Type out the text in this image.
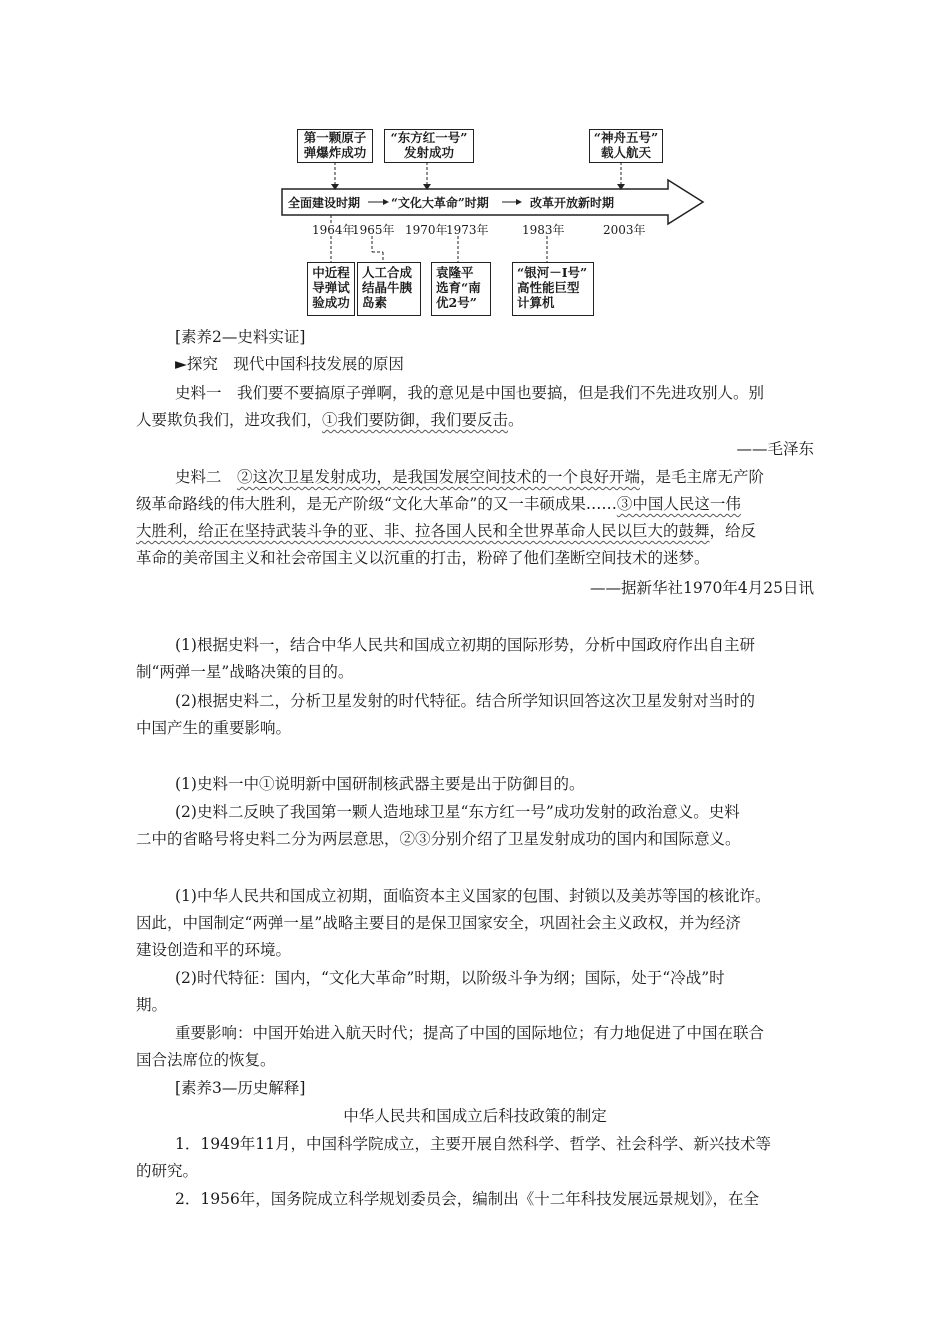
第一颗原子
弹爆炸成功
“东方红一号”
发射成功
“神舟五号”
载人航天
全面建设时期	“文化大革命”时期	改革开放新时期
1964年
1965年 1970年
1973年	1983年	2003年
中近程
导弹试
验成功
人工合成
结晶牛胰
岛素
袁隆平
选育“南
优2号”
“银河－Ⅰ号”
高性能巨型
计算机
[素养2—史料实证]
►探究　现代中国科技发展的原因
史料一　我们要不要搞原子弹啊，我的意见是中国也要搞，但是我们不先进攻别人。别
人要欺负我们，进攻我们，①我们要防御，我们要反击。
——毛泽东
史料二　②这次卫星发射成功，是我国发展空间技术的一个良好开端，是毛主席无产阶
级革命路线的伟大胜利，是无产阶级“文化大革命”的又一丰硕成果……③中国人民这一伟
大胜利，给正在坚持武装斗争的亚、非、拉各国人民和全世界革命人民以巨大的鼓舞，给反
革命的美帝国主义和社会帝国主义以沉重的打击，粉碎了他们垄断空间技术的迷梦。
——据新华社1970年4月25日讯
(1)根据史料一，结合中华人民共和国成立初期的国际形势，分析中国政府作出自主研
制“两弹一星”战略决策的目的。
(2)根据史料二，分析卫星发射的时代特征。结合所学知识回答这次卫星发射对当时的
中国产生的重要影响。
(1)史料一中①说明新中国研制核武器主要是出于防御目的。
(2)史料二反映了我国第一颗人造地球卫星“东方红一号”成功发射的政治意义。史料
二中的省略号将史料二分为两层意思，②③分别介绍了卫星发射成功的国内和国际意义。
(1)中华人民共和国成立初期，面临资本主义国家的包围、封锁以及美苏等国的核讹诈。
因此，中国制定“两弹一星”战略主要目的是保卫国家安全，巩固社会主义政权，并为经济
建设创造和平的环境。
(2)时代特征：国内，“文化大革命”时期，以阶级斗争为纲；国际，处于“冷战”时
期。
重要影响：中国开始进入航天时代；提高了中国的国际地位；有力地促进了中国在联合
国合法席位的恢复。
[素养3—历史解释]
中华人民共和国成立后科技政策的制定
1．1949年11月，中国科学院成立，主要开展自然科学、哲学、社会科学、新兴技术等
的研究。
2．1956年，国务院成立科学规划委员会，编制出《十二年科技发展远景规划》，在全
